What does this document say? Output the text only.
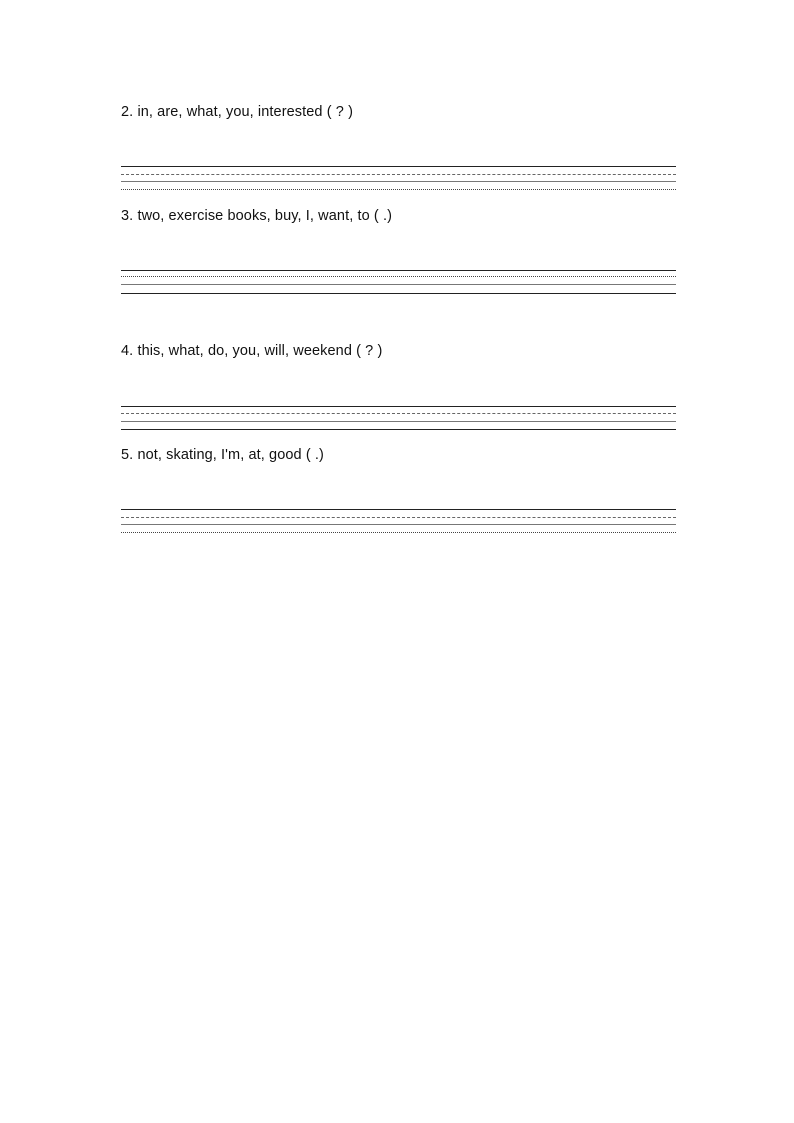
2. in, are, what, you, interested ( ? )
3. two, exercise books, buy, I, want, to ( .)
4. this, what, do, you, will, weekend ( ? )
5. not, skating, I'm, at, good ( .)
